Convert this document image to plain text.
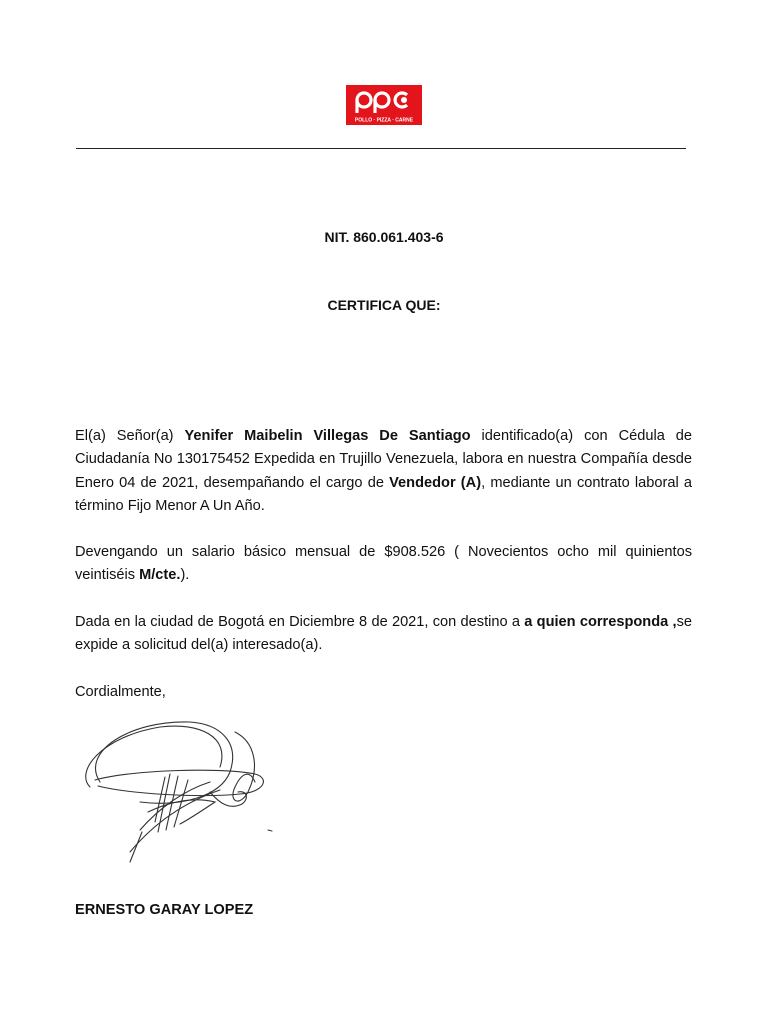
POLLO · PIZZA · CARNE
NIT. 860.061.403-6
CERTIFICA QUE:

El(a) Señor(a) Yenifer Maibelin Villegas De Santiago identificado(a) con Cédula de Ciudadanía No 130175452 Expedida en Trujillo Venezuela, labora en nuestra Compañía desde Enero 04 de 2021, desempañando el cargo de Vendedor (A), mediante un contrato laboral a término Fijo Menor A Un Año.

Devengando un salario básico mensual de $908.526 ( Novecientos ocho mil quinientos veintiséis M/cte.).

Dada en la ciudad de Bogotá en Diciembre 8 de 2021, con destino a a quien corresponda ,se expide a solicitud del(a) interesado(a).

Cordialmente,

ERNESTO GARAY LOPEZ
